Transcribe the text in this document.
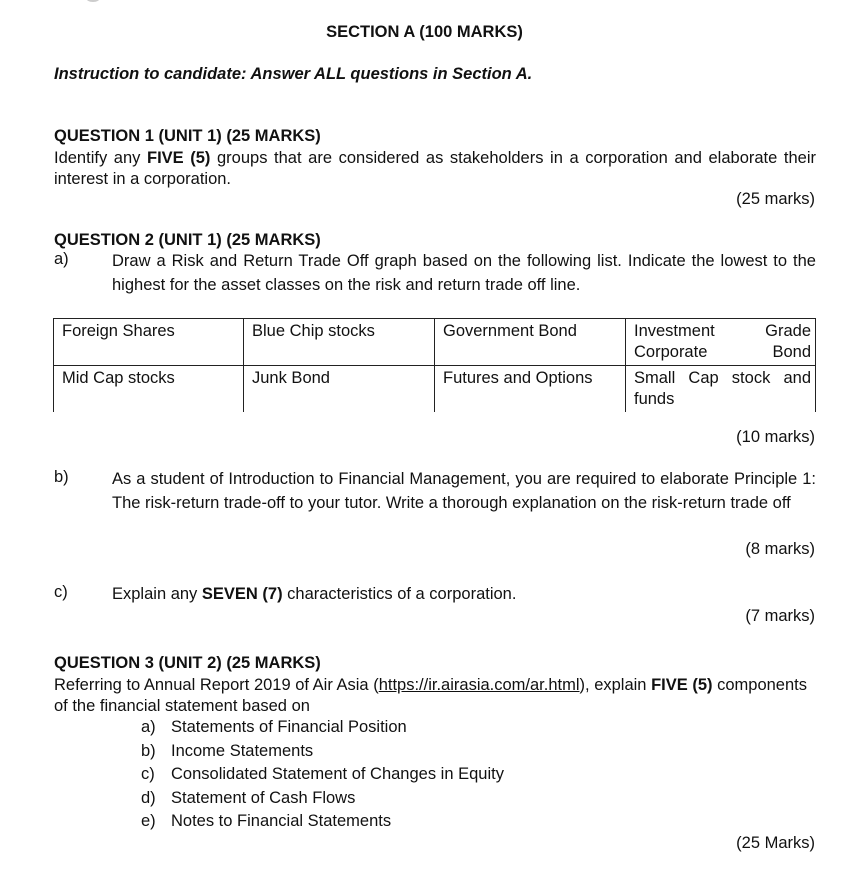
SECTION A (100 MARKS)
Instruction to candidate: Answer ALL questions in Section A.
QUESTION 1 (UNIT 1) (25 MARKS)
Identify any FIVE (5) groups that are considered as stakeholders in a corporation and elaborate their interest in a corporation.
(25 marks)
QUESTION 2 (UNIT 1) (25 MARKS)
a)	Draw a Risk and Return Trade Off graph based on the following list. Indicate the lowest to the highest for the asset classes on the risk and return trade off line.
Foreign Shares	Blue Chip stocks	Government Bond	Investment Grade Corporate Bond
Mid Cap stocks	Junk Bond	Futures and Options	Small Cap stock and funds
(10 marks)
b)	As a student of Introduction to Financial Management, you are required to elaborate Principle 1: The risk-return trade-off to your tutor. Write a thorough explanation on the risk-return trade off
(8 marks)
c)	Explain any SEVEN (7) characteristics of a corporation.
(7 marks)
QUESTION 3 (UNIT 2) (25 MARKS)
Referring to Annual Report 2019 of Air Asia (https://ir.airasia.com/ar.html), explain FIVE (5) components of the financial statement based on
a) Statements of Financial Position
b) Income Statements
c) Consolidated Statement of Changes in Equity
d) Statement of Cash Flows
e) Notes to Financial Statements
(25 Marks)
